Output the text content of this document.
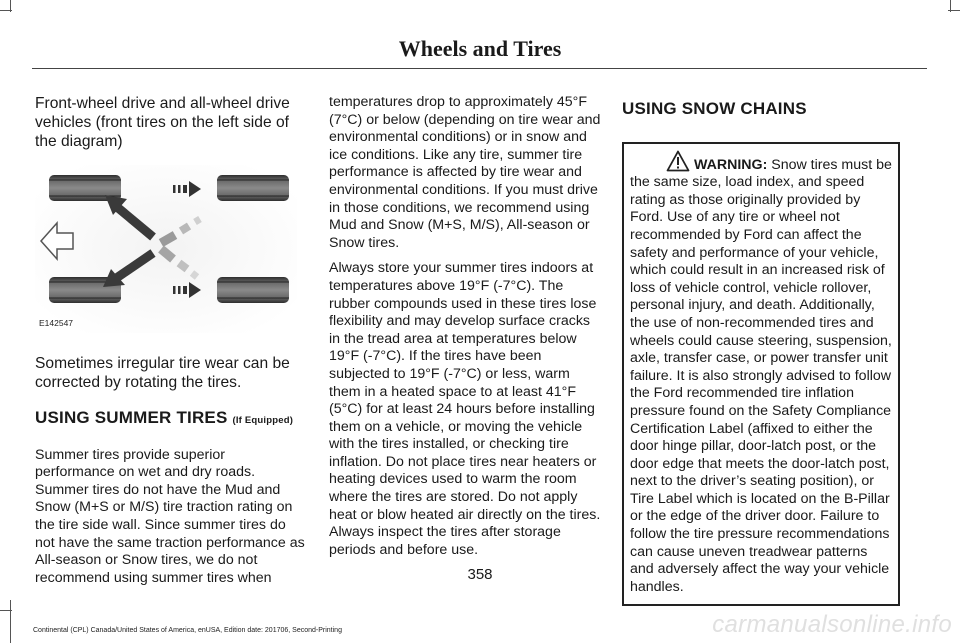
Wheels and Tires

Front-wheel drive and all-wheel drive vehicles (front tires on the left side of the diagram)

E142547

Sometimes irregular tire wear can be corrected by rotating the tires.

USING SUMMER TIRES (If Equipped)

Summer tires provide superior performance on wet and dry roads. Summer tires do not have the Mud and Snow (M+S or M/S) tire traction rating on the tire side wall. Since summer tires do not have the same traction performance as All-season or Snow tires, we do not recommend using summer tires when

temperatures drop to approximately 45°F (7°C) or below (depending on tire wear and environmental conditions) or in snow and ice conditions. Like any tire, summer tire performance is affected by tire wear and environmental conditions. If you must drive in those conditions, we recommend using Mud and Snow (M+S, M/S), All-season or Snow tires.

Always store your summer tires indoors at temperatures above 19°F (-7°C). The rubber compounds used in these tires lose flexibility and may develop surface cracks in the tread area at temperatures below 19°F (-7°C). If the tires have been subjected to 19°F (-7°C) or less, warm them in a heated space to at least 41°F (5°C) for at least 24 hours before installing them on a vehicle, or moving the vehicle with the tires installed, or checking tire inflation. Do not place tires near heaters or heating devices used to warm the room where the tires are stored. Do not apply heat or blow heated air directly on the tires. Always inspect the tires after storage periods and before use.

USING SNOW CHAINS

WARNING: Snow tires must be the same size, load index, and speed rating as those originally provided by Ford. Use of any tire or wheel not recommended by Ford can affect the safety and performance of your vehicle, which could result in an increased risk of loss of vehicle control, vehicle rollover, personal injury, and death. Additionally, the use of non-recommended tires and wheels could cause steering, suspension, axle, transfer case, or power transfer unit failure. It is also strongly advised to follow the Ford recommended tire inflation pressure found on the Safety Compliance Certification Label (affixed to either the door hinge pillar, door-latch post, or the door edge that meets the door-latch post, next to the driver’s seating position), or Tire Label which is located on the B-Pillar or the edge of the driver door. Failure to follow the tire pressure recommendations can cause uneven treadwear patterns and adversely affect the way your vehicle handles.
358
Continental (CPL) Canada/United States of America, enUSA, Edition date: 201706, Second-Printing	carmanualsonline.info
